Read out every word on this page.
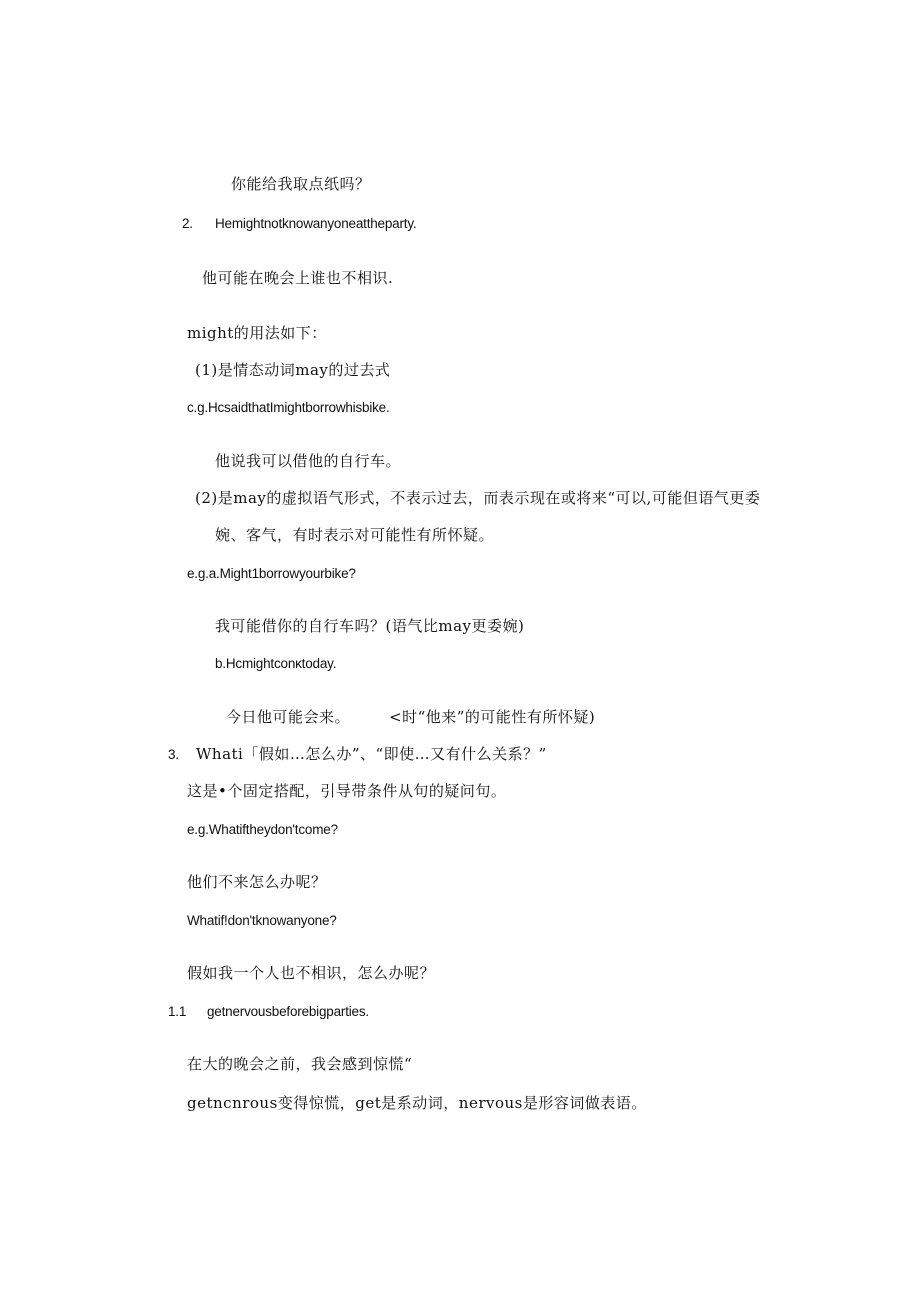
你能给我取点纸吗？
2. Hemightnotknowanyoneattheparty.
他可能在晚会上谁也不相识.
might的用法如下：
(1)是情态动词may的过去式
c.g.HcsaidthatImightborrowhisbike.
他说我可以借他的自行车。
(2)是may的虚拟语气形式，不表示过去，而表示现在或将来“可以,可能但语气更委
婉、客气，有时表示对可能性有所怀疑。
e.g.a.Might1borrowyourbike?
我可能借你的自行车吗？(语气比may更委婉)
b.Hcmightconκtoday.
今日他可能会来。	<时“他来”的可能性有所怀疑)
3. Whati「假如…怎么办”、“即使…又有什么关系？”
这是•个固定搭配，引导带条件从句的疑问句。
e.g.Whatiftheydon'tcome?
他们不来怎么办呢？
Whatif!don'tknowanyone?
假如我一个人也不相识，怎么办呢？
1.1 getnervousbeforebigparties.
在大的晚会之前，我会感到惊慌“
getncnrous变得惊慌，get是系动词，nervous是形容词做表语。
